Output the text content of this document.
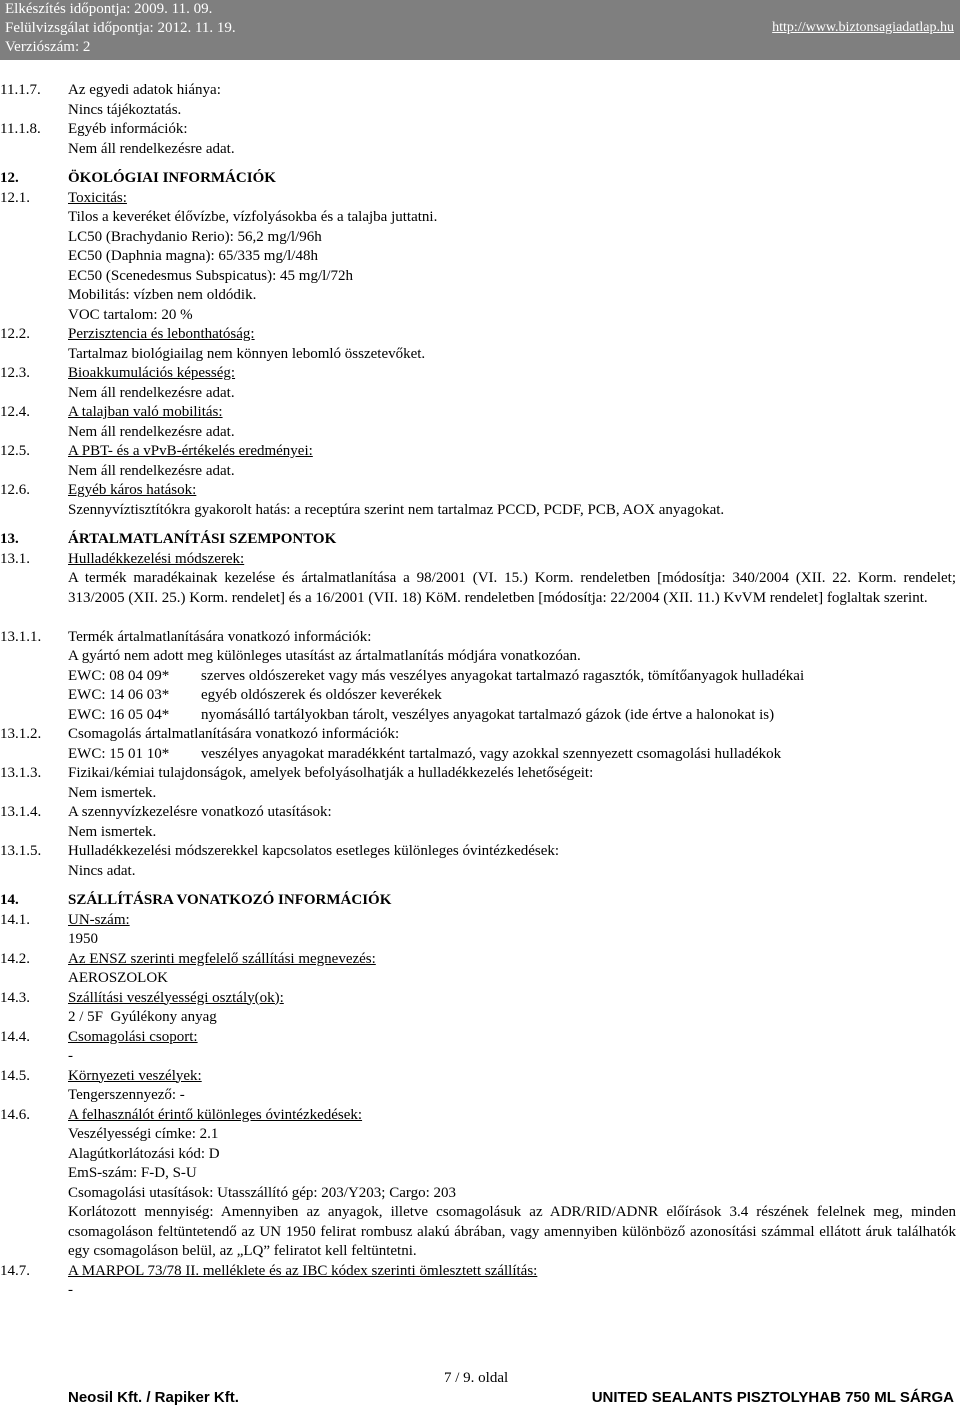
Elkészítés időpontja: 2009. 11. 09.
Felülvizsgálat időpontja: 2012. 11. 19.
Verziószám: 2
http://www.biztonsagiadatlap.hu
11.1.7. Az egyedi adatok hiánya:
Nincs tájékoztatás.
11.1.8. Egyéb információk:
Nem áll rendelkezésre adat.
12.	ÖKOLÓGIAI INFORMÁCIÓK
12.1.	Toxicitás:
Tilos a keveréket élővízbe, vízfolyásokba és a talajba juttatni.
LC50 (Brachydanio Rerio): 56,2 mg/l/96h
EC50 (Daphnia magna): 65/335 mg/l/48h
EC50 (Scenedesmus Subspicatus): 45 mg/l/72h
Mobilitás: vízben nem oldódik.
VOC tartalom: 20 %
12.2.	Perzisztencia és lebonthatóság:
Tartalmaz biológiailag nem könnyen lebomló összetevőket.
12.3.	Bioakkumulációs képesség:
Nem áll rendelkezésre adat.
12.4.	A talajban való mobilitás:
Nem áll rendelkezésre adat.
12.5.	A PBT- és a vPvB-értékelés eredményei:
Nem áll rendelkezésre adat.
12.6.	Egyéb káros hatások:
Szennyvíztisztítókra gyakorolt hatás: a receptúra szerint nem tartalmaz PCCD, PCDF, PCB, AOX anyagokat.
13.	ÁRTALMATLANÍTÁSI SZEMPONTOK
13.1.	Hulladékkezelési módszerek:
A termék maradékainak kezelése és ártalmatlanítása a 98/2001 (VI. 15.) Korm. rendeletben [módosítja: 340/2004 (XII. 22. Korm. rendelet; 313/2005 (XII. 25.) Korm. rendelet] és a 16/2001 (VII. 18) KöM. rendeletben [módosítja: 22/2004 (XII. 11.) KvVM rendelet] foglaltak szerint.
13.1.1. Termék ártalmatlanítására vonatkozó információk:
A gyártó nem adott meg különleges utasítást az ártalmatlanítás módjára vonatkozóan.
EWC: 08 04 09* szerves oldószereket vagy más veszélyes anyagokat tartalmazó ragasztók, tömítőanyagok hulladékai
EWC: 14 06 03* egyéb oldószerek és oldószer keverékek
EWC: 16 05 04* nyomásálló tartályokban tárolt, veszélyes anyagokat tartalmazó gázok (ide értve a halonokat is)
13.1.2. Csomagolás ártalmatlanítására vonatkozó információk:
EWC: 15 01 10* veszélyes anyagokat maradékként tartalmazó, vagy azokkal szennyezett csomagolási hulladékok
13.1.3. Fizikai/kémiai tulajdonságok, amelyek befolyásolhatják a hulladékkezelés lehetőségeit:
Nem ismertek.
13.1.4. A szennyvízkezelésre vonatkozó utasítások:
Nem ismertek.
13.1.5. Hulladékkezelési módszerekkel kapcsolatos esetleges különleges óvintézkedések:
Nincs adat.
14.	SZÁLLÍTÁSRA VONATKOZÓ INFORMÁCIÓK
14.1.	UN-szám:
1950
14.2.	Az ENSZ szerinti megfelelő szállítási megnevezés:
AEROSZOLOK
14.3.	Szállítási veszélyességi osztály(ok):
2 / 5F  Gyúlékony anyag
14.4.	Csomagolási csoport:
-
14.5.	Környezeti veszélyek:
Tengerszennyező: -
14.6.	A felhasználót érintő különleges óvintézkedések:
Veszélyességi címke: 2.1
Alagútkorlátozási kód: D
EmS-szám: F-D, S-U
Csomagolási utasítások: Utasszállító gép: 203/Y203; Cargo: 203
Korlátozott mennyiség: Amennyiben az anyagok, illetve csomagolásuk az ADR/RID/ADNR előírások 3.4 részének felelnek meg, minden csomagoláson feltüntetendő az UN 1950 felirat rombusz alakú ábrában, vagy amennyiben különböző azonosítási számmal ellátott áruk találhatók egy csomagoláson belül, az „LQ” feliratot kell feltüntetni.
14.7.	A MARPOL 73/78 II. melléklete és az IBC kódex szerinti ömlesztett szállítás:
-
7 / 9. oldal
Neosil Kft. / Rapiker Kft.	UNITED SEALANTS PISZTOLYHAB 750 ML SÁRGA
